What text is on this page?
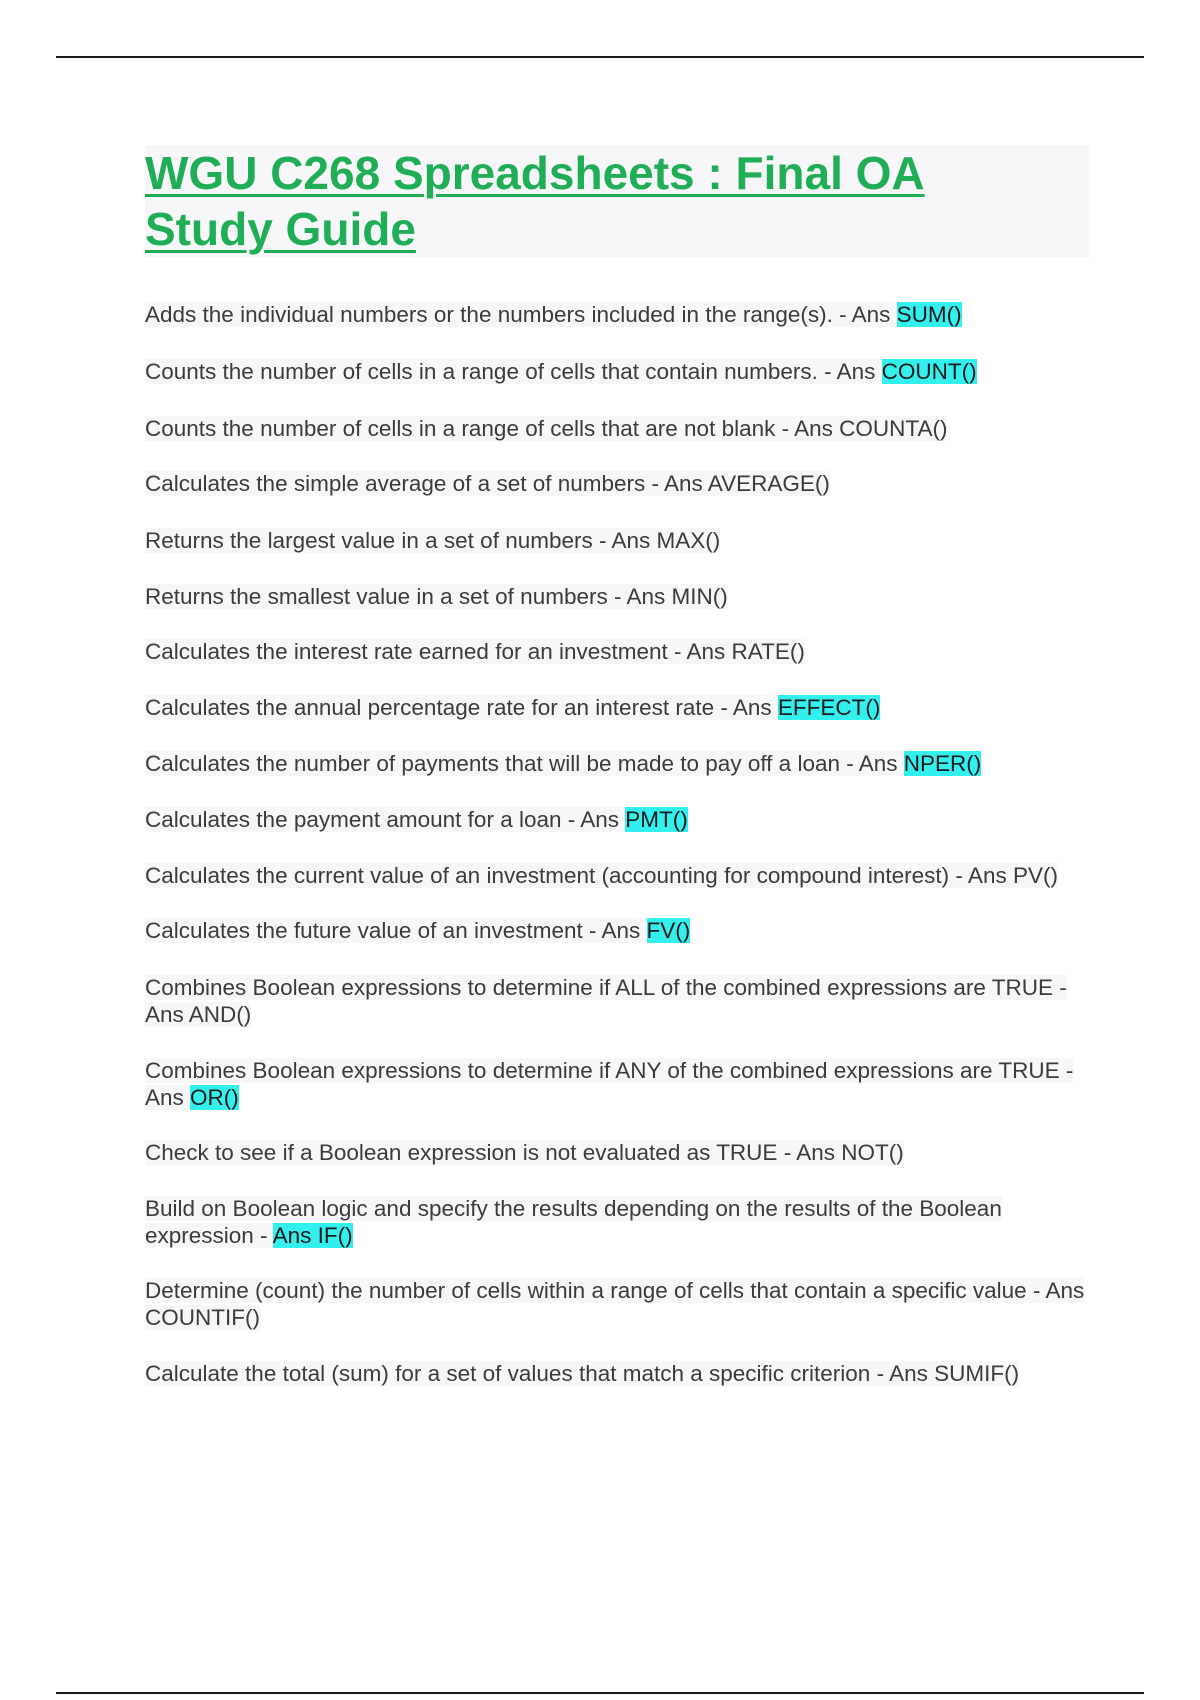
WGU C268 Spreadsheets : Final OA
Study Guide
Adds the individual numbers or the numbers included in the range(s). - Ans SUM()
Counts the number of cells in a range of cells that contain numbers. - Ans COUNT()
Counts the number of cells in a range of cells that are not blank - Ans COUNTA()
Calculates the simple average of a set of numbers - Ans AVERAGE()
Returns the largest value in a set of numbers - Ans MAX()
Returns the smallest value in a set of numbers - Ans MIN()
Calculates the interest rate earned for an investment - Ans RATE()
Calculates the annual percentage rate for an interest rate - Ans EFFECT()
Calculates the number of payments that will be made to pay off a loan - Ans NPER()
Calculates the payment amount for a loan - Ans PMT()
Calculates the current value of an investment (accounting for compound interest) - Ans PV()
Calculates the future value of an investment - Ans FV()
Combines Boolean expressions to determine if ALL of the combined expressions are TRUE - Ans AND()
Combines Boolean expressions to determine if ANY of the combined expressions are TRUE - Ans OR()
Check to see if a Boolean expression is not evaluated as TRUE - Ans NOT()
Build on Boolean logic and specify the results depending on the results of the Boolean expression - Ans IF()
Determine (count) the number of cells within a range of cells that contain a specific value - Ans COUNTIF()
Calculate the total (sum) for a set of values that match a specific criterion - Ans SUMIF()
